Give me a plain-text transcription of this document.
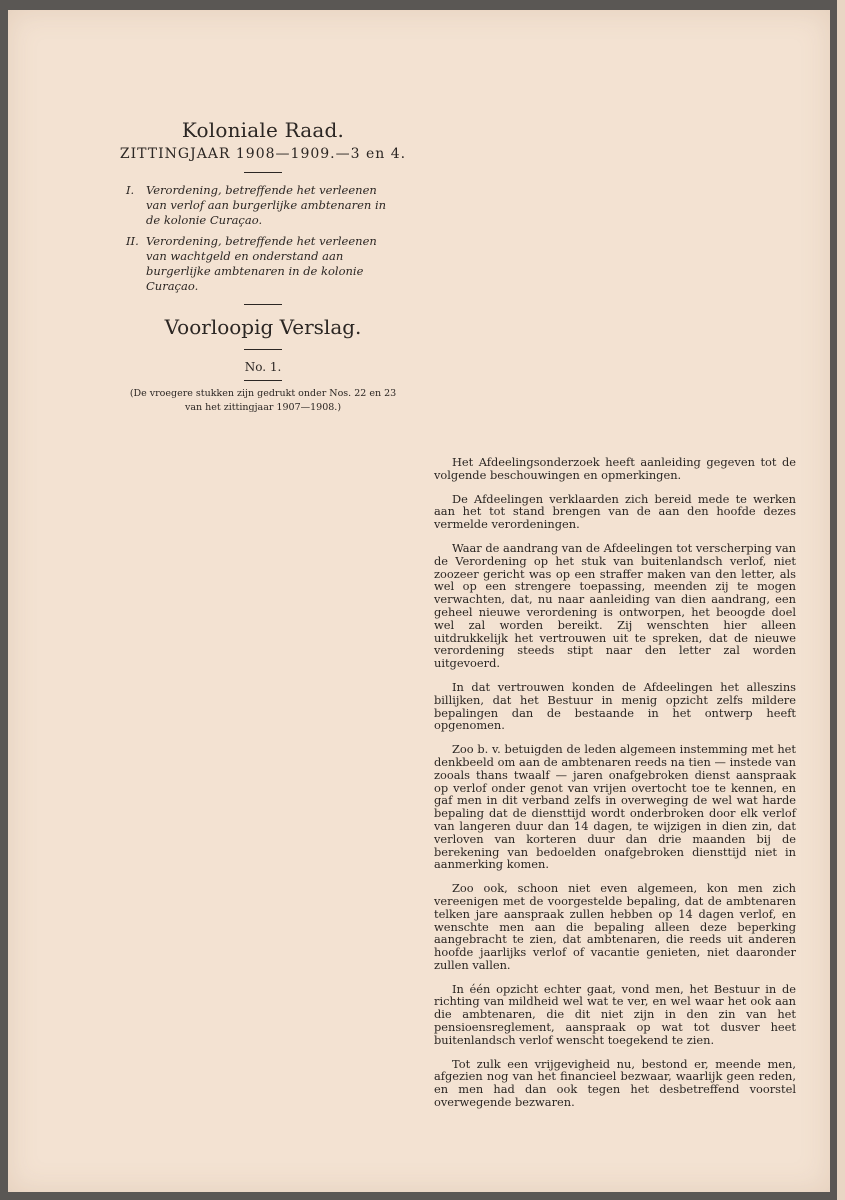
Koloniale Raad.
ZITTINGJAAR 1908—1909.—3 en 4.
I. Verordening, betreffende het verleenen van verlof aan burgerlijke ambtenaren in de kolonie Curaçao.
II. Verordening, betreffende het verleenen van wachtgeld en onderstand aan burgerlijke ambtenaren in de kolonie Curaçao.
Voorloopig Verslag.
No. 1.
(De vroegere stukken zijn gedrukt onder Nos. 22 en 23 van het zittingjaar 1907—1908.)

Het Afdeelingsonderzoek heeft aanleiding gegeven tot de volgende beschouwingen en opmerkingen.

De Afdeelingen verklaarden zich bereid mede te werken aan het tot stand brengen van de aan den hoofde dezes vermelde verordeningen.

Waar de aandrang van de Afdeelingen tot verscherping van de Verordening op het stuk van buitenlandsch verlof, niet zoozeer gericht was op een straffer maken van den letter, als wel op een strengere toepassing, meenden zij te mogen verwachten, dat, nu naar aanleiding van dien aandrang, een geheel nieuwe verordening is ontworpen, het beoogde doel wel zal worden bereikt. Zij wenschten hier alleen uitdrukkelijk het vertrouwen uit te spreken, dat de nieuwe verordening steeds stipt naar den letter zal worden uitgevoerd.

In dat vertrouwen konden de Afdeelingen het alleszins billijken, dat het Bestuur in menig opzicht zelfs mildere bepalingen dan de bestaande in het ontwerp heeft opgenomen.

Zoo b. v. betuigden de leden algemeen instemming met het denkbeeld om aan de ambtenaren reeds na tien — instede van zooals thans twaalf — jaren onafgebroken dienst aanspraak op verlof onder genot van vrijen overtocht toe te kennen, en gaf men in dit verband zelfs in overweging de wel wat harde bepaling dat de diensttijd wordt onderbroken door elk verlof van langeren duur dan 14 dagen, te wijzigen in dien zin, dat verloven van korteren duur dan drie maanden bij de berekening van bedoelden onafgebroken diensttijd niet in aanmerking komen.

Zoo ook, schoon niet even algemeen, kon men zich vereenigen met de voorgestelde bepaling, dat de ambtenaren telken jare aanspraak zullen hebben op 14 dagen verlof, en wenschte men aan die bepaling alleen deze beperking aangebracht te zien, dat ambtenaren, die reeds uit anderen hoofde jaarlijks verlof of vacantie genieten, niet daaronder zullen vallen.

In één opzicht echter gaat, vond men, het Bestuur in de richting van mildheid wel wat te ver, en wel waar het ook aan die ambtenaren, die dit niet zijn in den zin van het pensioensreglement, aanspraak op wat tot dusver heet buitenlandsch verlof wenscht toegekend te zien.

Tot zulk een vrijgevigheid nu, bestond er, meende men, afgezien nog van het financieel bezwaar, waarlijk geen reden, en men had dan ook tegen het desbetreffend voorstel overwegende bezwaren.
